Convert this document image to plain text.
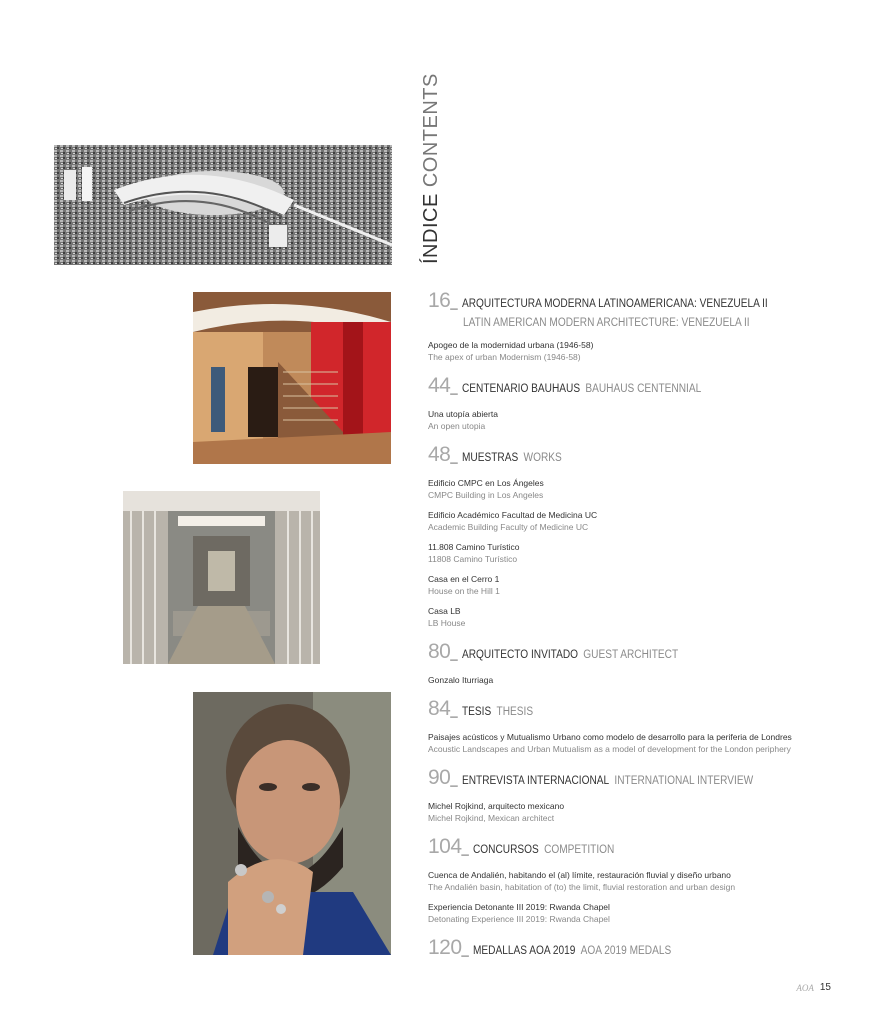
ÍNDICE CONTENTS
16 _ ARQUITECTURA MODERNA LATINOAMERICANA: VENEZUELA II
LATIN AMERICAN MODERN ARCHITECTURE: VENEZUELA II
Apogeo de la modernidad urbana (1946-58)
The apex of urban Modernism (1946-58)
44 _ CENTENARIO BAUHAUS BAUHAUS CENTENNIAL
Una utopía abierta
An open utopia
48 _ MUESTRAS WORKS
Edificio CMPC en Los Ángeles
CMPC Building in Los Angeles
Edificio Académico Facultad de Medicina UC
Academic Building Faculty of Medicine UC
11.808 Camino Turístico
11808 Camino Turístico
Casa en el Cerro 1
House on the Hill 1
Casa LB
LB House
80 _ ARQUITECTO INVITADO GUEST ARCHITECT
Gonzalo Iturriaga
84 _ TESIS THESIS
Paisajes acústicos y Mutualismo Urbano como modelo de desarrollo para la periferia de Londres
Acoustic Landscapes and Urban Mutualism as a model of development for the London periphery
90 _ ENTREVISTA INTERNACIONAL INTERNATIONAL INTERVIEW
Michel Rojkind, arquitecto mexicano
Michel Rojkind, Mexican architect
104 _ CONCURSOS COMPETITION
Cuenca de Andalién, habitando el (al) límite, restauración fluvial y diseño urbano
The Andalién basin, habitation of (to) the limit, fluvial restoration and urban design
Experiencia Detonante III 2019: Rwanda Chapel
Detonating Experience III 2019: Rwanda Chapel
120 _ MEDALLAS AOA 2019 AOA 2019 MEDALS
AOA 15
